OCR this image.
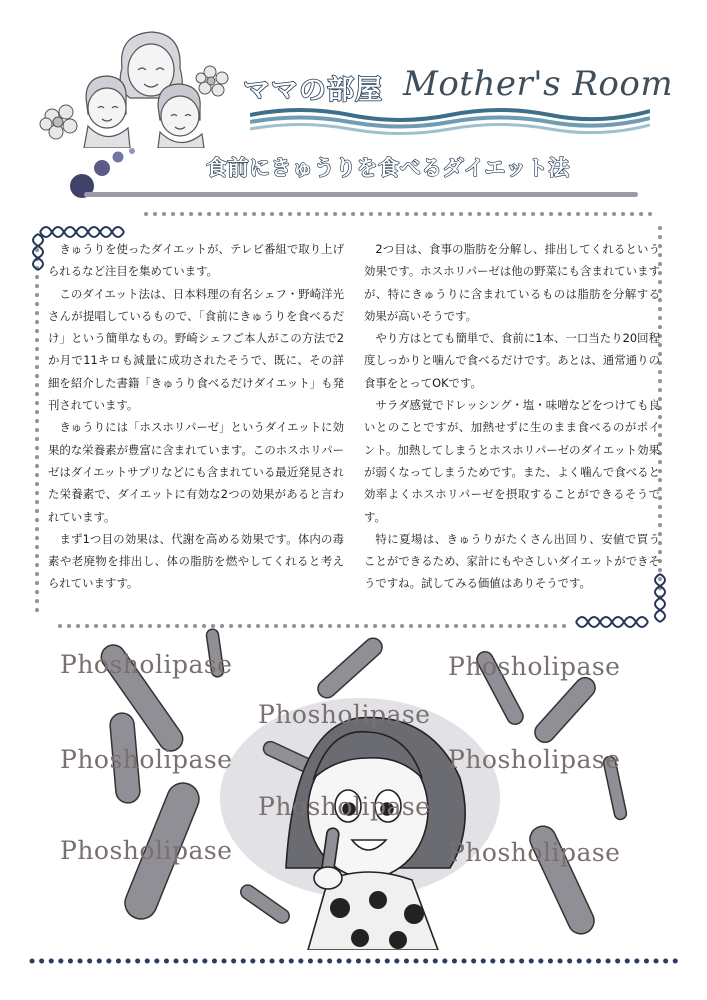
ママの部屋 Mother's Room
食前にきゅうりを食べるダイエット法

きゅうりを使ったダイエットが、テレビ番組で取り上げられるなど注目を集めています。

このダイエット法は、日本料理の有名シェフ・野崎洋光さんが提唱しているもので、「食前にきゅうりを食べるだけ」という簡単なもの。野崎シェフご本人がこの方法で2か月で11キロも減量に成功されたそうで、既に、その詳細を紹介した書籍「きゅうり食べるだけダイエット」も発刊されています。

きゅうりには「ホスホリパーゼ」というダイエットに効果的な栄養素が豊富に含まれています。このホスホリパーゼはダイエットサプリなどにも含まれている最近発見された栄養素で、ダイエットに有効な2つの効果があると言われています。

まず1つ目の効果は、代謝を高める効果です。体内の毒素や老廃物を排出し、体の脂肪を燃やしてくれると考えられていますす。

2つ目は、食事の脂肪を分解し、排出してくれるという効果です。ホスホリパーゼは他の野菜にも含まれていますが、特にきゅうりに含まれているものは脂肪を分解する効果が高いそうです。

やり方はとても簡単で、食前に1本、一口当たり20回程度しっかりと噛んで食べるだけです。あとは、通常通りの食事をとってOKです。

サラダ感覚でドレッシング・塩・味噌などをつけても良いとのことですが、加熱せずに生のまま食べるのがポイント。加熱してしまうとホスホリパーゼのダイエット効果が弱くなってしまうためです。また、よく噛んで食べると効率よくホスホリパーゼを摂取することができるそうです。

特に夏場は、きゅうりがたくさん出回り、安値で買うことができるため、家計にもやさしいダイエットができそうですね。試してみる価値はありそうです。

Phosholipase	Phosholipase
Phosholipase
Phosholipase	Phosholipase
Phosholipase
Phosholipase	Phosholipase
